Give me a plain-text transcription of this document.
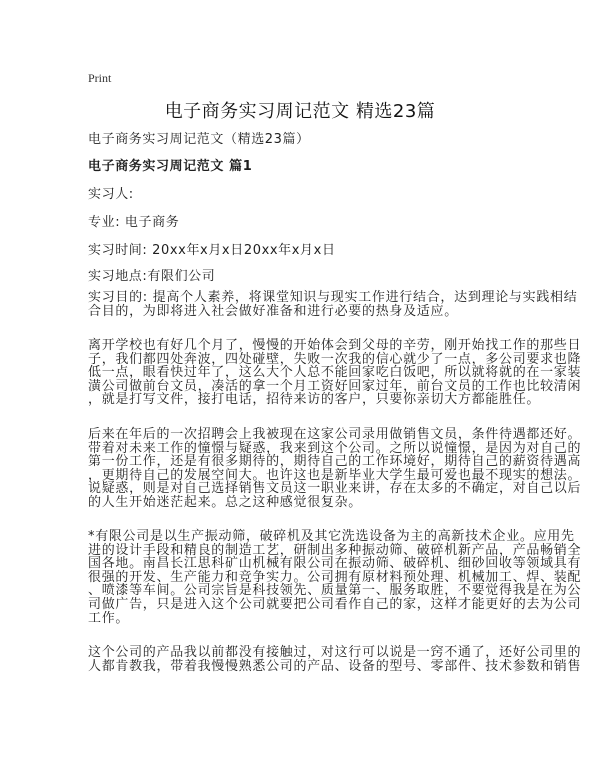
Print
电子商务实习周记范文 精选23篇
电子商务实习周记范文（精选23篇）
电子商务实习周记范文 篇1
实习人:
专业: 电子商务
实习时间: 20xx年x月x日20xx年x月x日
实习地点:有限们公司
实习目的: 提高个人素养，将课堂知识与现实工作进行结合，达到理论与实践相结
合目的，为即将进入社会做好准备和进行必要的热身及适应。
离开学校也有好几个月了，慢慢的开始体会到父母的辛劳，刚开始找工作的那些日
子，我们都四处奔波，四处碰壁，失败一次我的信心就少了一点，多公司要求也降
低一点，眼看快过年了，这么大个人总不能回家吃白饭吧，所以就将就的在一家装
潢公司做前台文员，凑活的拿一个月工资好回家过年，前台文员的工作也比较清闲
，就是打写文件，接打电话，招待来访的客户，只要你亲切大方都能胜任。
后来在年后的一次招聘会上我被现在这家公司录用做销售文员，条件待遇都还好。
带着对未来工作的憧憬与疑惑，我来到这个公司。之所以说憧憬，是因为对自己的
第一份工作，还是有很多期待的，期待自己的工作环境好，期待自己的薪资待遇高
，更期待自己的发展空间大。也许这也是新毕业大学生最可爱也最不现实的想法。
说疑惑，则是对自己选择销售文员这一职业来讲，存在太多的不确定，对自己以后
的人生开始迷茫起来。总之这种感觉很复杂。
*有限公司是以生产振动筛，破碎机及其它洗选设备为主的高新技术企业。应用先
进的设计手段和精良的制造工艺，研制出多种振动筛、破碎机新产品，产品畅销全
国各地。南昌长江思科矿山机械有限公司在振动筛、破碎机、细砂回收等领域具有
很强的开发、生产能力和竞争实力。公司拥有原材料预处理、机械加工、焊、装配
、喷漆等车间。公司宗旨是科技领先、质量第一、服务取胜，不要觉得我是在为公
司做广告，只是进入这个公司就要把公司看作自己的家，这样才能更好的去为公司
工作。
这个公司的产品我以前都没有接触过，对这行可以说是一窍不通了，还好公司里的
人都肯教我，带着我慢慢熟悉公司的产品、设备的型号、零部件、技术参数和销售
